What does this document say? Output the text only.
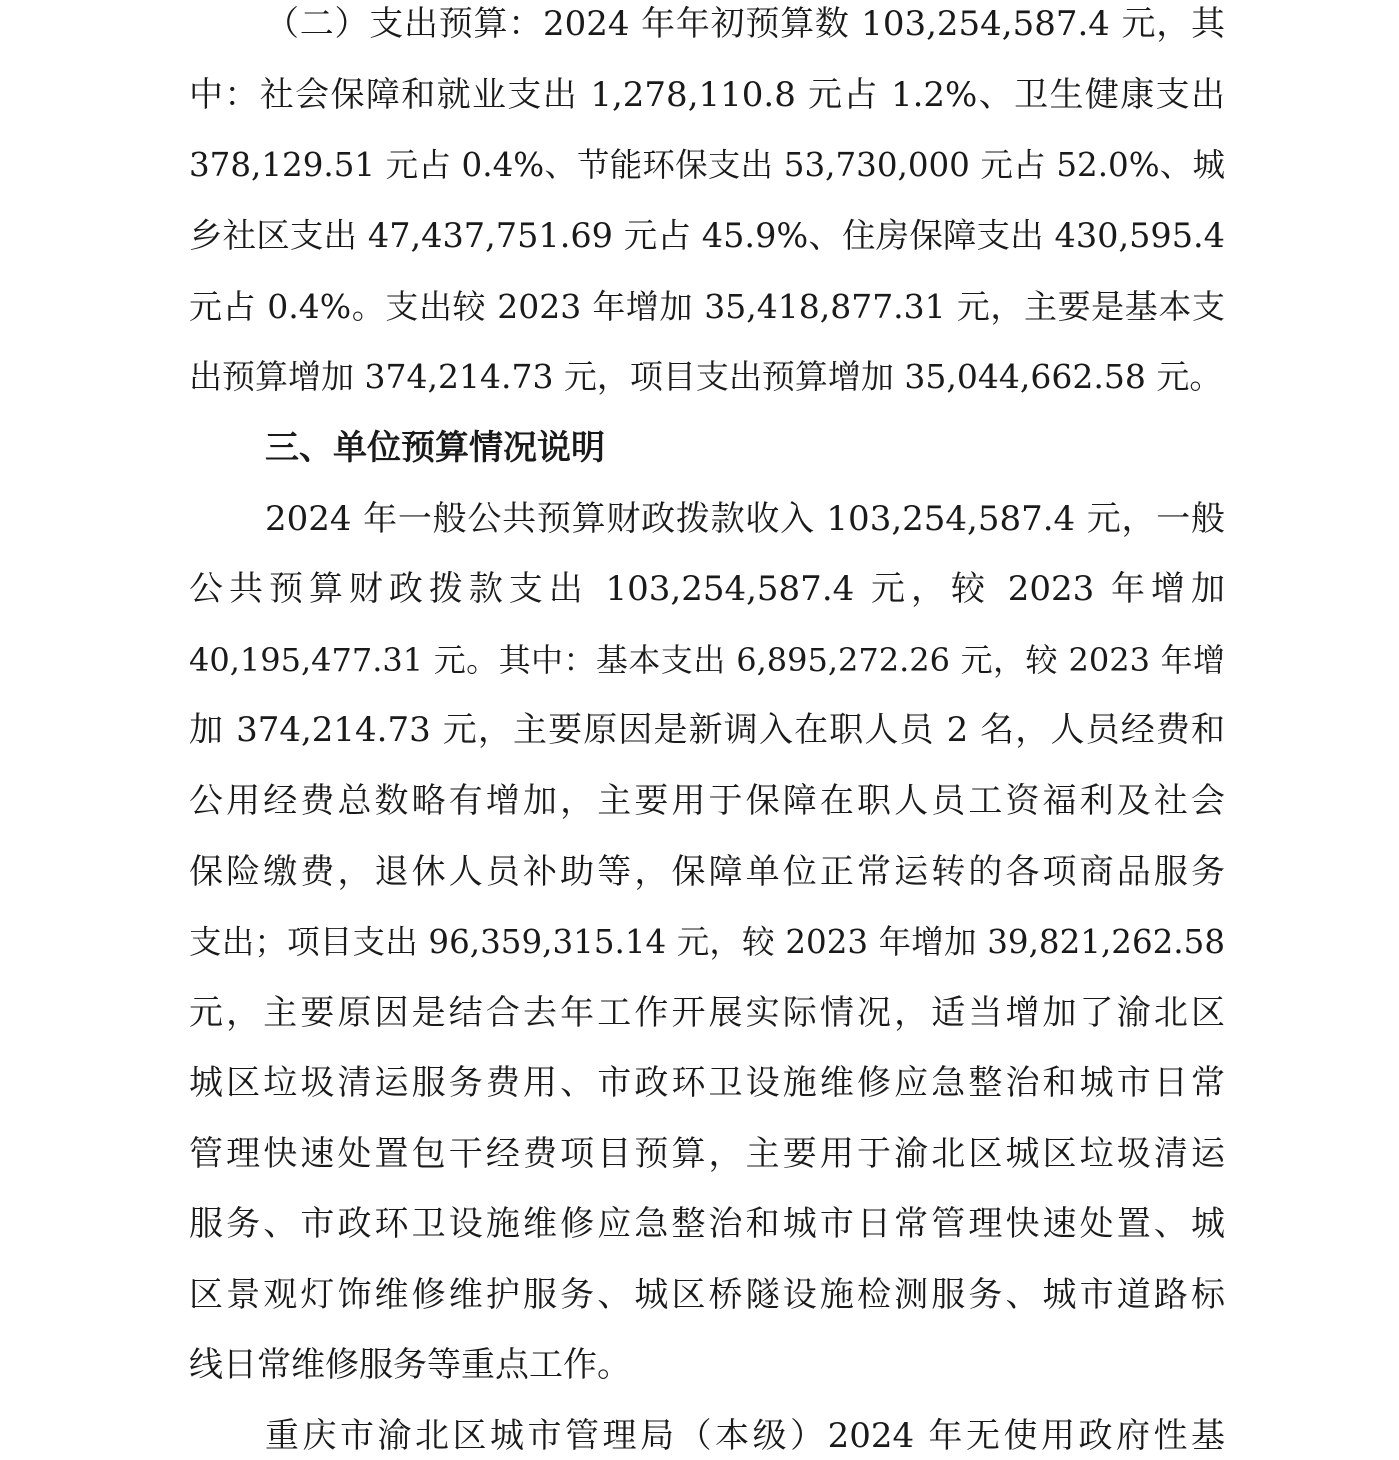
（二）支出预算：2024 年年初预算数 103,254,587.4 元，其
中：社会保障和就业支出 1,278,110.8 元占 1.2%、卫生健康支出
378,129.51 元占 0.4%、节能环保支出 53,730,000 元占 52.0%、城
乡社区支出 47,437,751.69 元占 45.9%、住房保障支出 430,595.4
元占 0.4%。支出较 2023 年增加 35,418,877.31 元，主要是基本支
出预算增加 374,214.73 元，项目支出预算增加 35,044,662.58 元。
三、单位预算情况说明
2024 年一般公共预算财政拨款收入 103,254,587.4 元，一般
公共预算财政拨款支出 103,254,587.4 元，较 2023 年增加
40,195,477.31 元。其中：基本支出 6,895,272.26 元，较 2023 年增
加 374,214.73 元，主要原因是新调入在职人员 2 名，人员经费和
公用经费总数略有增加，主要用于保障在职人员工资福利及社会
保险缴费，退休人员补助等，保障单位正常运转的各项商品服务
支出；项目支出 96,359,315.14 元，较 2023 年增加 39,821,262.58
元，主要原因是结合去年工作开展实际情况，适当增加了渝北区
城区垃圾清运服务费用、市政环卫设施维修应急整治和城市日常
管理快速处置包干经费项目预算，主要用于渝北区城区垃圾清运
服务、市政环卫设施维修应急整治和城市日常管理快速处置、城
区景观灯饰维修维护服务、城区桥隧设施检测服务、城市道路标
线日常维修服务等重点工作。
重庆市渝北区城市管理局（本级）2024 年无使用政府性基
